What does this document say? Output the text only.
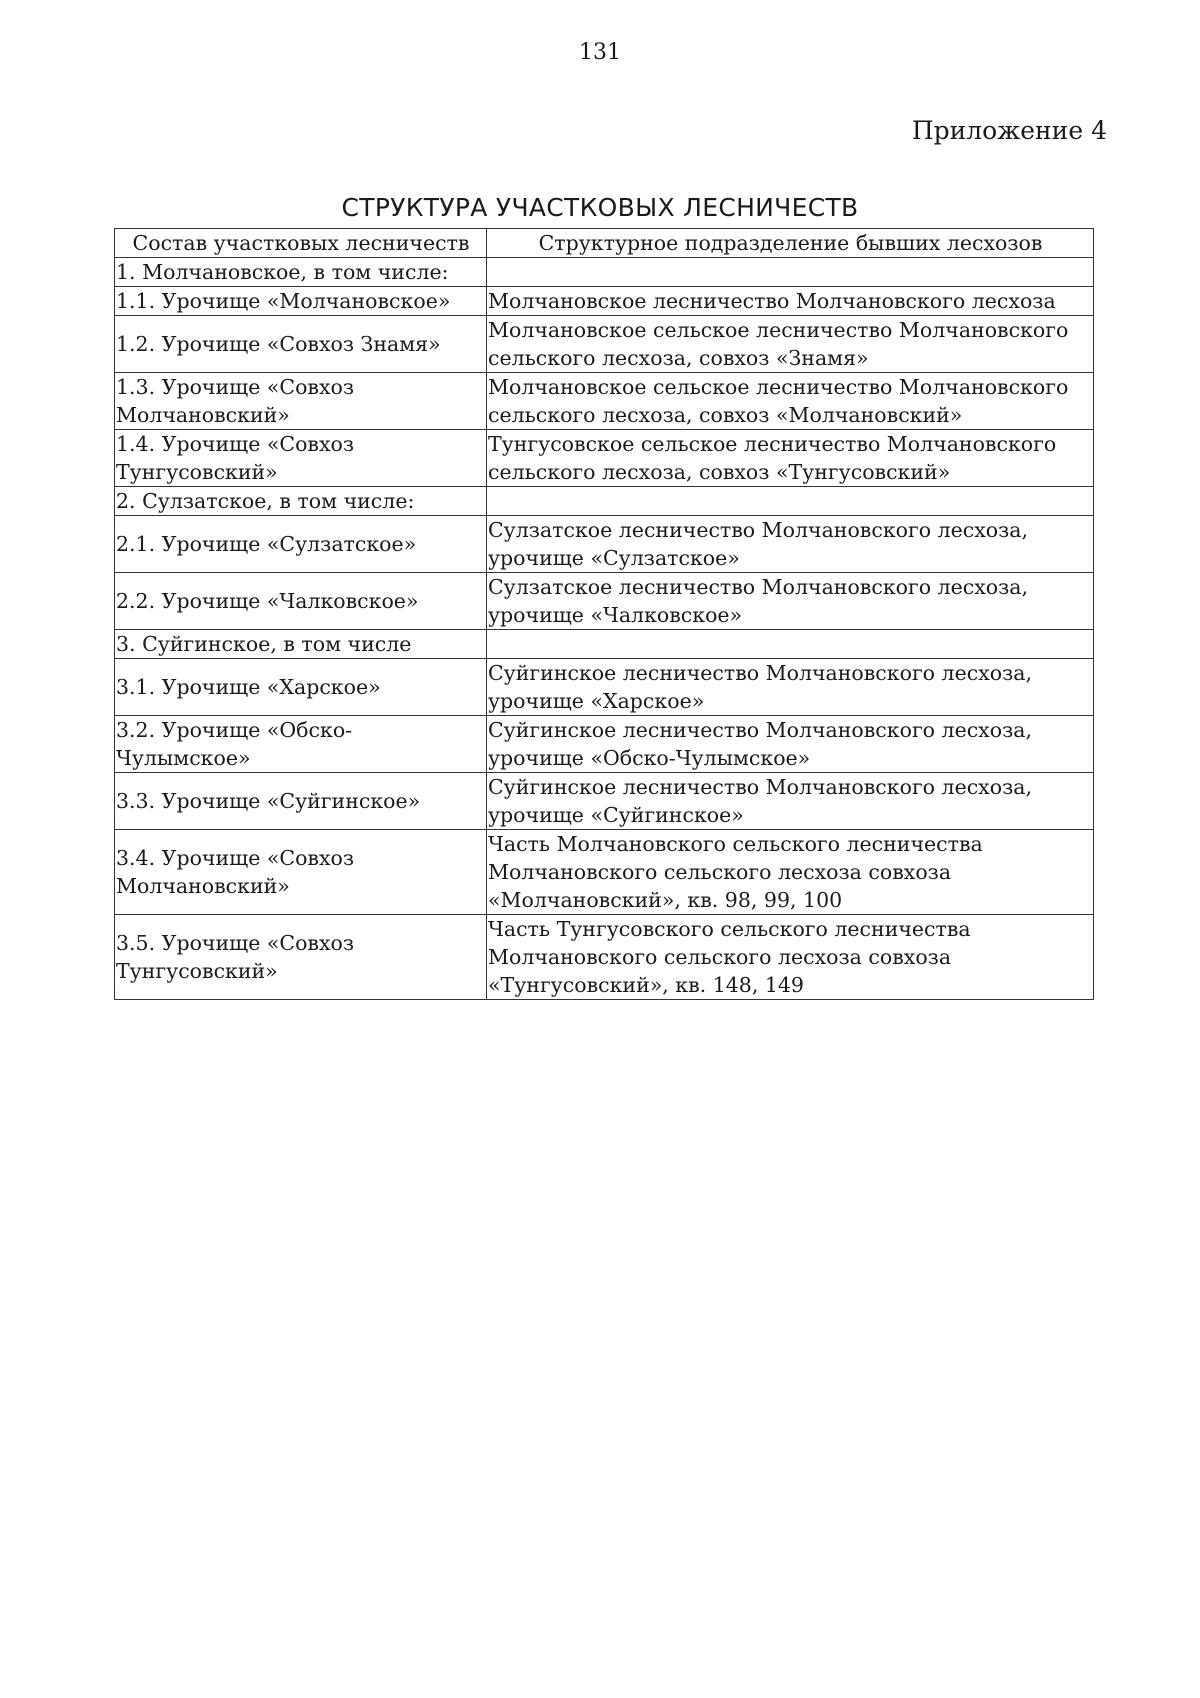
131
Приложение 4
СТРУКТУРА УЧАСТКОВЫХ ЛЕСНИЧЕСТВ
Состав участковых лесничеств	Структурное подразделение бывших лесхозов
1. Молчановское, в том числе:	
1.1. Урочище «Молчановское»	Молчановское лесничество Молчановского лесхоза
1.2. Урочище «Совхоз Знамя»	Молчановское сельское лесничество Молчановского
сельского лесхоза, совхоз «Знамя»
1.3. Урочище «Совхоз
Молчановский»	Молчановское сельское лесничество Молчановского
сельского лесхоза, совхоз «Молчановский»
1.4. Урочище «Совхоз
Тунгусовский»	Тунгусовское сельское лесничество Молчановского
сельского лесхоза, совхоз «Тунгусовский»
2. Сулзатское, в том числе:	
2.1. Урочище «Сулзатское»	Сулзатское лесничество Молчановского лесхоза,
урочище «Сулзатское»
2.2. Урочище «Чалковское»	Сулзатское лесничество Молчановского лесхоза,
урочище «Чалковское»
3. Суйгинское, в том числе	
3.1. Урочище «Харское»	Суйгинское лесничество Молчановского лесхоза,
урочище «Харское»
3.2. Урочище «Обско-Чулымское»	Суйгинское лесничество Молчановского лесхоза,
урочище «Обско-Чулымское»
3.3. Урочище «Суйгинское»	Суйгинское лесничество Молчановского лесхоза,
урочище «Суйгинское»
3.4. Урочище «Совхоз
Молчановский»	Часть Молчановского сельского лесничества
Молчановского сельского лесхоза совхоза
«Молчановский», кв. 98, 99, 100
3.5. Урочище «Совхоз
Тунгусовский»	Часть Тунгусовского сельского лесничества
Молчановского сельского лесхоза совхоза
«Тунгусовский», кв. 148, 149
